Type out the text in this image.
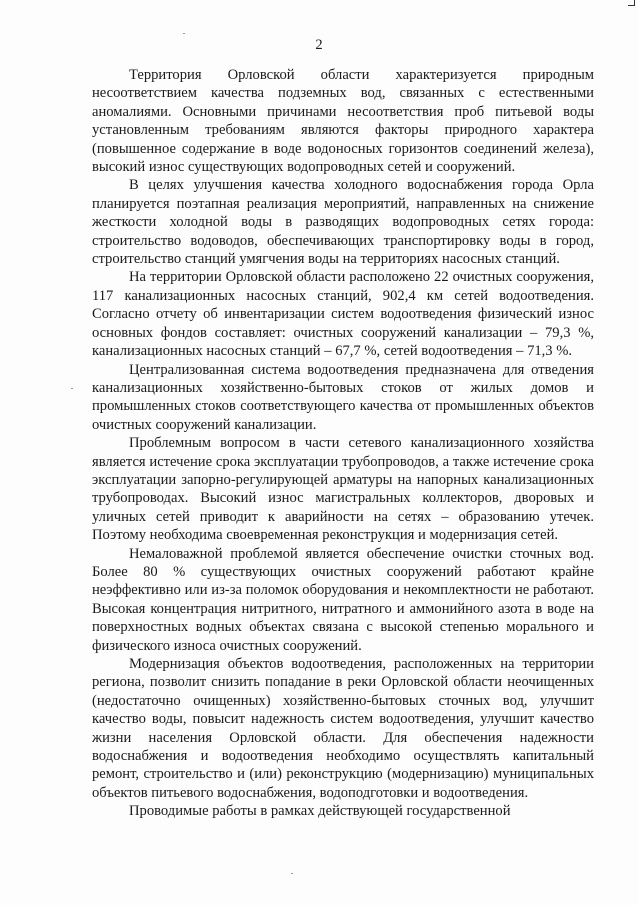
2

Территория Орловской области характеризуется природным несоответствием качества подземных вод, связанных с естественными аномалиями. Основными причинами несоответствия проб питьевой воды установленным требованиям являются факторы природного характера (повышенное содержание в воде водоносных горизонтов соединений железа), высокий износ существующих водопроводных сетей и сооружений.

В целях улучшения качества холодного водоснабжения города Орла планируется поэтапная реализация мероприятий, направленных на снижение жесткости холодной воды в разводящих водопроводных сетях города: строительство водоводов, обеспечивающих транспортировку воды в город, строительство станций умягчения воды на территориях насосных станций.

На территории Орловской области расположено 22 очистных сооружения, 117 канализационных насосных станций, 902,4 км сетей водоотведения. Согласно отчету об инвентаризации систем водоотведения физический износ основных фондов составляет: очистных сооружений канализации – 79,3 %, канализационных насосных станций – 67,7 %, сетей водоотведения – 71,3 %.

Централизованная система водоотведения предназначена для отведения канализационных хозяйственно-бытовых стоков от жилых домов и промышленных стоков соответствующего качества от промышленных объектов очистных сооружений канализации.

Проблемным вопросом в части сетевого канализационного хозяйства является истечение срока эксплуатации трубопроводов, а также истечение срока эксплуатации запорно-регулирующей арматуры на напорных канализационных трубопроводах. Высокий износ магистральных коллекторов, дворовых и уличных сетей приводит к аварийности на сетях – образованию утечек. Поэтому необходима своевременная реконструкция и модернизация сетей.

Немаловажной проблемой является обеспечение очистки сточных вод. Более 80 % существующих очистных сооружений работают крайне неэффективно или из-за поломок оборудования и некомплектности не работают. Высокая концентрация нитритного, нитратного и аммонийного азота в воде на поверхностных водных объектах связана с высокой степенью морального и физического износа очистных сооружений.

Модернизация объектов водоотведения, расположенных на территории региона, позволит снизить попадание в реки Орловской области неочищенных (недостаточно очищенных) хозяйственно-бытовых сточных вод, улучшит качество воды, повысит надежность систем водоотведения, улучшит качество жизни населения Орловской области. Для обеспечения надежности водоснабжения и водоотведения необходимо осуществлять капитальный ремонт, строительство и (или) реконструкцию (модернизацию) муниципальных объектов питьевого водоснабжения, водоподготовки и водоотведения.

Проводимые работы в рамках действующей государственной
